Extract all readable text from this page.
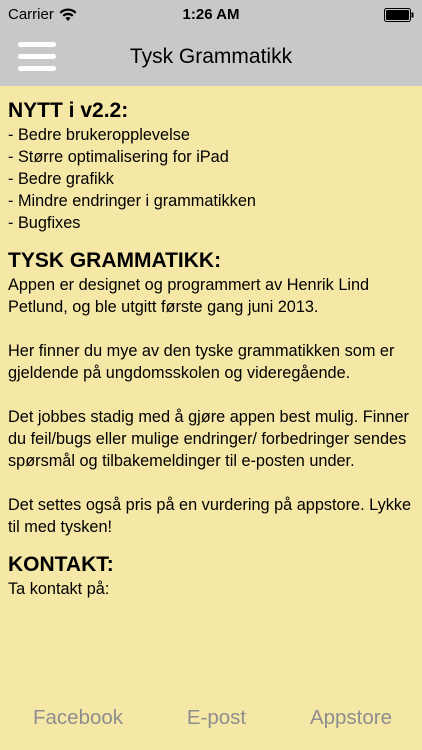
Carrier	1:26 AM
Tysk Grammatikk
NYTT i v2.2:
- Bedre brukeropplevelse
- Større optimalisering for iPad
- Bedre grafikk
- Mindre endringer i grammatikken
- Bugfixes
TYSK GRAMMATIKK:

Appen er designet og programmert av Henrik Lind Petlund, og ble utgitt første gang juni 2013.

Her finner du mye av den tyske grammatikken som er gjeldende på ungdomsskolen og videregående.

Det jobbes stadig med å gjøre appen best mulig. Finner du feil/bugs eller mulige endringer/ forbedringer sendes spørsmål og tilbakemeldinger til e-posten under.

Det settes også pris på en vurdering på appstore. Lykke til med tysken!

KONTAKT:

Ta kontakt på:

Facebook	E-post	Appstore
